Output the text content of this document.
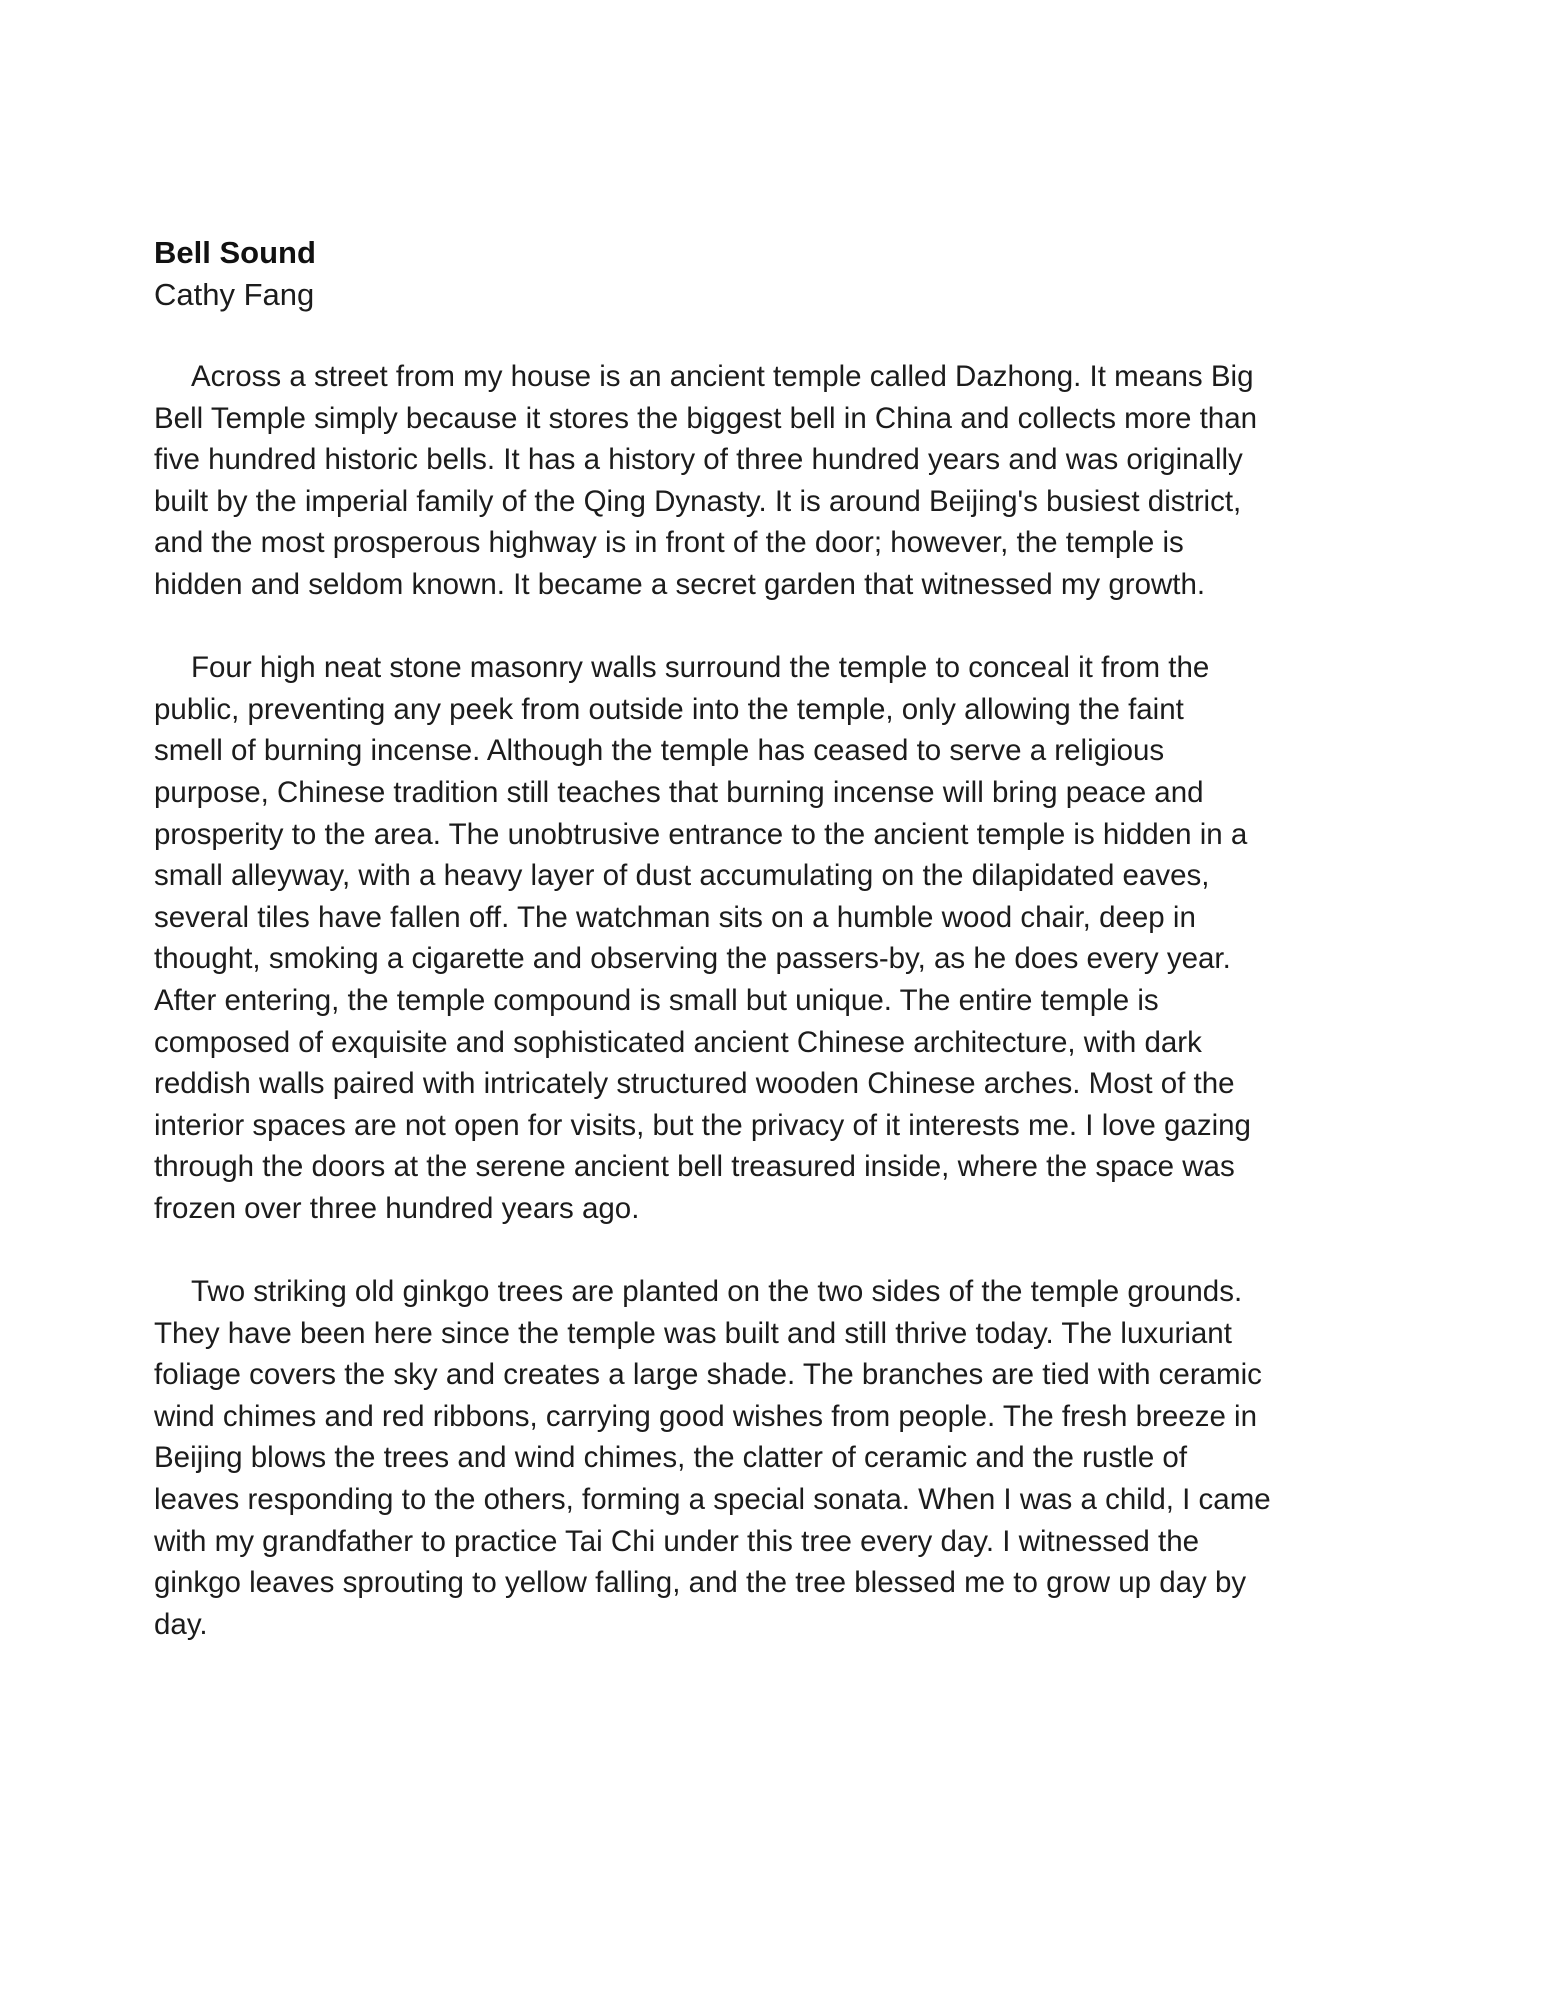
Bell Sound

Cathy Fang

Across a street from my house is an ancient temple called Dazhong. It means Big
Bell Temple simply because it stores the biggest bell in China and collects more than
five hundred historic bells. It has a history of three hundred years and was originally
built by the imperial family of the Qing Dynasty. It is around Beijing's busiest district,
and the most prosperous highway is in front of the door; however, the temple is
hidden and seldom known. It became a secret garden that witnessed my growth.
Four high neat stone masonry walls surround the temple to conceal it from the
public, preventing any peek from outside into the temple, only allowing the faint
smell of burning incense. Although the temple has ceased to serve a religious
purpose, Chinese tradition still teaches that burning incense will bring peace and
prosperity to the area. The unobtrusive entrance to the ancient temple is hidden in a
small alleyway, with a heavy layer of dust accumulating on the dilapidated eaves,
several tiles have fallen off. The watchman sits on a humble wood chair, deep in
thought, smoking a cigarette and observing the passers-by, as he does every year.
After entering, the temple compound is small but unique. The entire temple is
composed of exquisite and sophisticated ancient Chinese architecture, with dark
reddish walls paired with intricately structured wooden Chinese arches. Most of the
interior spaces are not open for visits, but the privacy of it interests me. I love gazing
through the doors at the serene ancient bell treasured inside, where the space was
frozen over three hundred years ago.
Two striking old ginkgo trees are planted on the two sides of the temple grounds.
They have been here since the temple was built and still thrive today. The luxuriant
foliage covers the sky and creates a large shade. The branches are tied with ceramic
wind chimes and red ribbons, carrying good wishes from people. The fresh breeze in
Beijing blows the trees and wind chimes, the clatter of ceramic and the rustle of
leaves responding to the others, forming a special sonata. When I was a child, I came
with my grandfather to practice Tai Chi under this tree every day. I witnessed the
ginkgo leaves sprouting to yellow falling, and the tree blessed me to grow up day by
day.
